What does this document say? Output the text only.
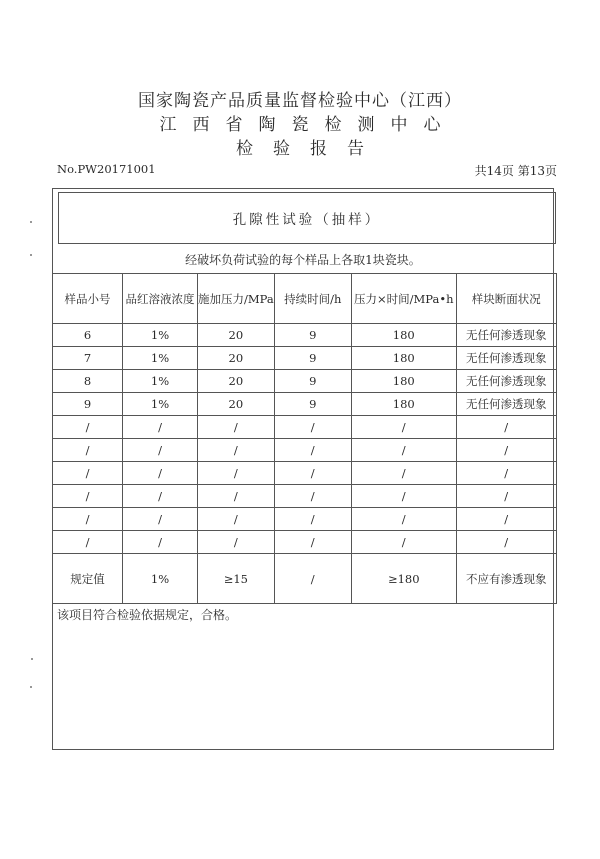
国家陶瓷产品质量监督检验中心（江西）
江西省陶瓷检测中心
检验报告
No.PW20171001	共14页 第13页
孔隙性试验（抽样）
经破坏负荷试验的每个样品上各取1块瓷块。
样品小号	品红溶液浓度	施加压力/MPa	持续时间/h	压力×时间/MPa•h	样块断面状况
6	1%	20	9	180	无任何渗透现象
7	1%	20	9	180	无任何渗透现象
8	1%	20	9	180	无任何渗透现象
9	1%	20	9	180	无任何渗透现象
/	/	/	/	/	/
/	/	/	/	/	/
/	/	/	/	/	/
/	/	/	/	/	/
/	/	/	/	/	/
/	/	/	/	/	/
规定值	1%	≥15	/	≥180	不应有渗透现象
该项目符合检验依据规定，合格。
